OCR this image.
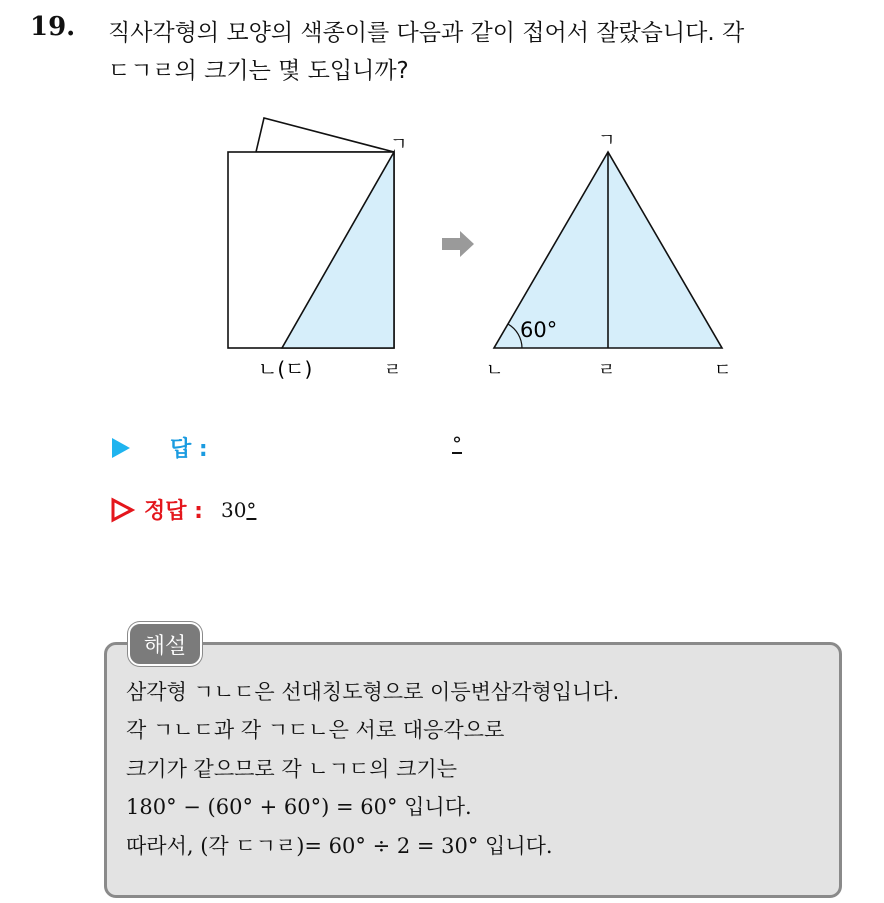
19. 직사각형의 모양의 색종이를 다음과 같이 접어서 잘랐습니다. 각
ㄷㄱㄹ의 크기는 몇 도입니까?
ㄱ
ㄴ(ㄷ)	ㄹ
60°
ㄱ
ㄴ	ㄹ	ㄷ
답 :	°
정답 : 30°
해설
삼각형 ㄱㄴㄷ은 선대칭도형으로 이등변삼각형입니다.
각 ㄱㄴㄷ과 각 ㄱㄷㄴ은 서로 대응각으로
크기가 같으므로 각 ㄴㄱㄷ의 크기는
180° − (60° + 60°) = 60° 입니다.
따라서, (각 ㄷㄱㄹ)= 60° ÷ 2 = 30° 입니다.
